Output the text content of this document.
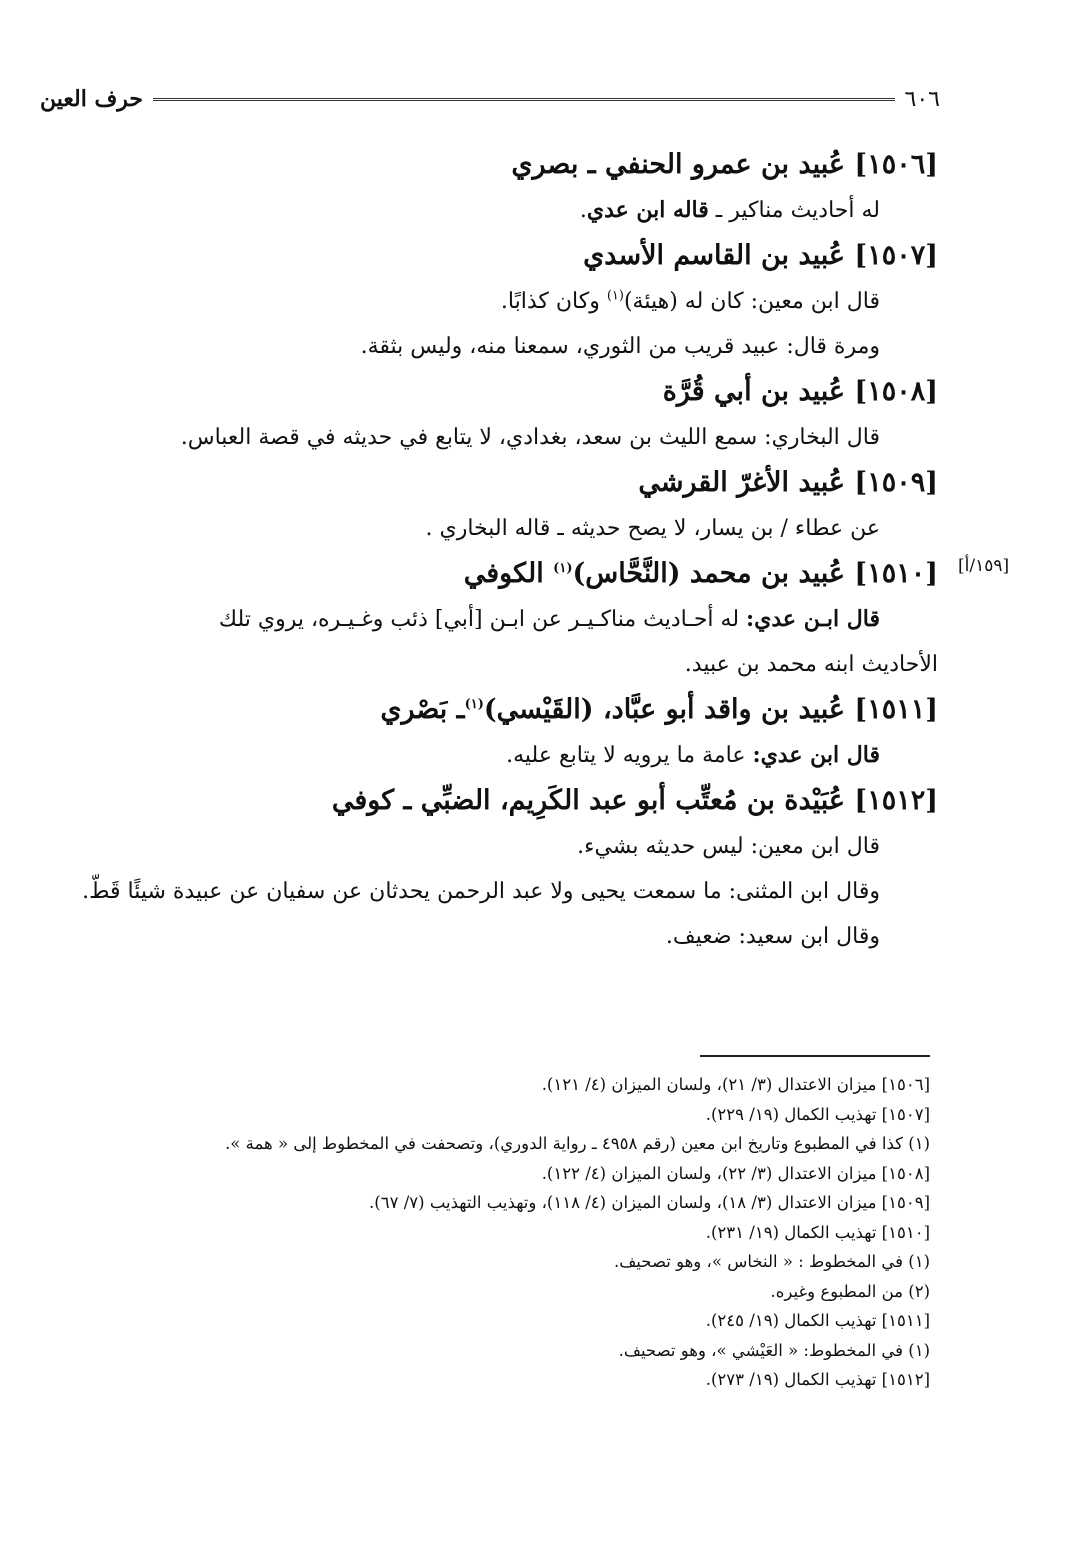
٦٠٦
حرف العين
[١٥٩/أ]

[١٥٠٦] عُبيد بن عمرو الحنفي ـ بصري

له أحاديث مناكير ـ قاله ابن عدي.

[١٥٠٧] عُبيد بن القاسم الأسدي

قال ابن معين: كان له (هيئة)$^{(١)}$ وكان كذابًا.

ومرة قال: عبيد قريب من الثوري، سمعنا منه، وليس بثقة.

[١٥٠٨] عُبيد بن أبي قُرَّة

قال البخاري: سمع الليث بن سعد، بغدادي، لا يتابع في حديثه في قصة العباس.

[١٥٠٩] عُبيد الأغرّ القرشي

عن عطاء / بن يسار، لا يصح حديثه ـ قاله البخاري .

[١٥١٠] عُبيد بن محمد (النَّحَّاس)$^{(١)}$ الكوفي

قال ابـن عدي: له أحـاديث مناكـيـر عن ابـن [أبي] ذئب وغـيـره، يروي تلك

الأحاديث ابنه محمد بن عبيد.

[١٥١١] عُبيد بن واقد أبو عبَّاد، (القَيْسي)$^{(١)}$ـ بَصْري

قال ابن عدي: عامة ما يرويه لا يتابع عليه.

[١٥١٢] عُبَيْدة بن مُعتِّب أبو عبد الكَرِيم، الضبِّي ـ كوفي

قال ابن معين: ليس حديثه بشيء.

وقال ابن المثنى: ما سمعت يحيى ولا عبد الرحمن يحدثان عن سفيان عن عبيدة شيئًا قَطّ.

وقال ابن سعيد: ضعيف.

[١٥٠٦] ميزان الاعتدال (٣/ ٢١)، ولسان الميزان (٤/ ١٢١).

[١٥٠٧] تهذيب الكمال (١٩/ ٢٢٩).

(١) كذا في المطبوع وتاريخ ابن معين (رقم ٤٩٥٨ ـ رواية الدوري)، وتصحفت في المخطوط إلى « همة ».

[١٥٠٨] ميزان الاعتدال (٣/ ٢٢)، ولسان الميزان (٤/ ١٢٢).

[١٥٠٩] ميزان الاعتدال (٣/ ١٨)، ولسان الميزان (٤/ ١١٨)، وتهذيب التهذيب (٧/ ٦٧).

[١٥١٠] تهذيب الكمال (١٩/ ٢٣١).

(١) في المخطوط : « النخاس »، وهو تصحيف.

(٢) من المطبوع وغيره.

[١٥١١] تهذيب الكمال (١٩/ ٢٤٥).

(١) في المخطوط: « العَيْشي »، وهو تصحيف.

[١٥١٢] تهذيب الكمال (١٩/ ٢٧٣).
